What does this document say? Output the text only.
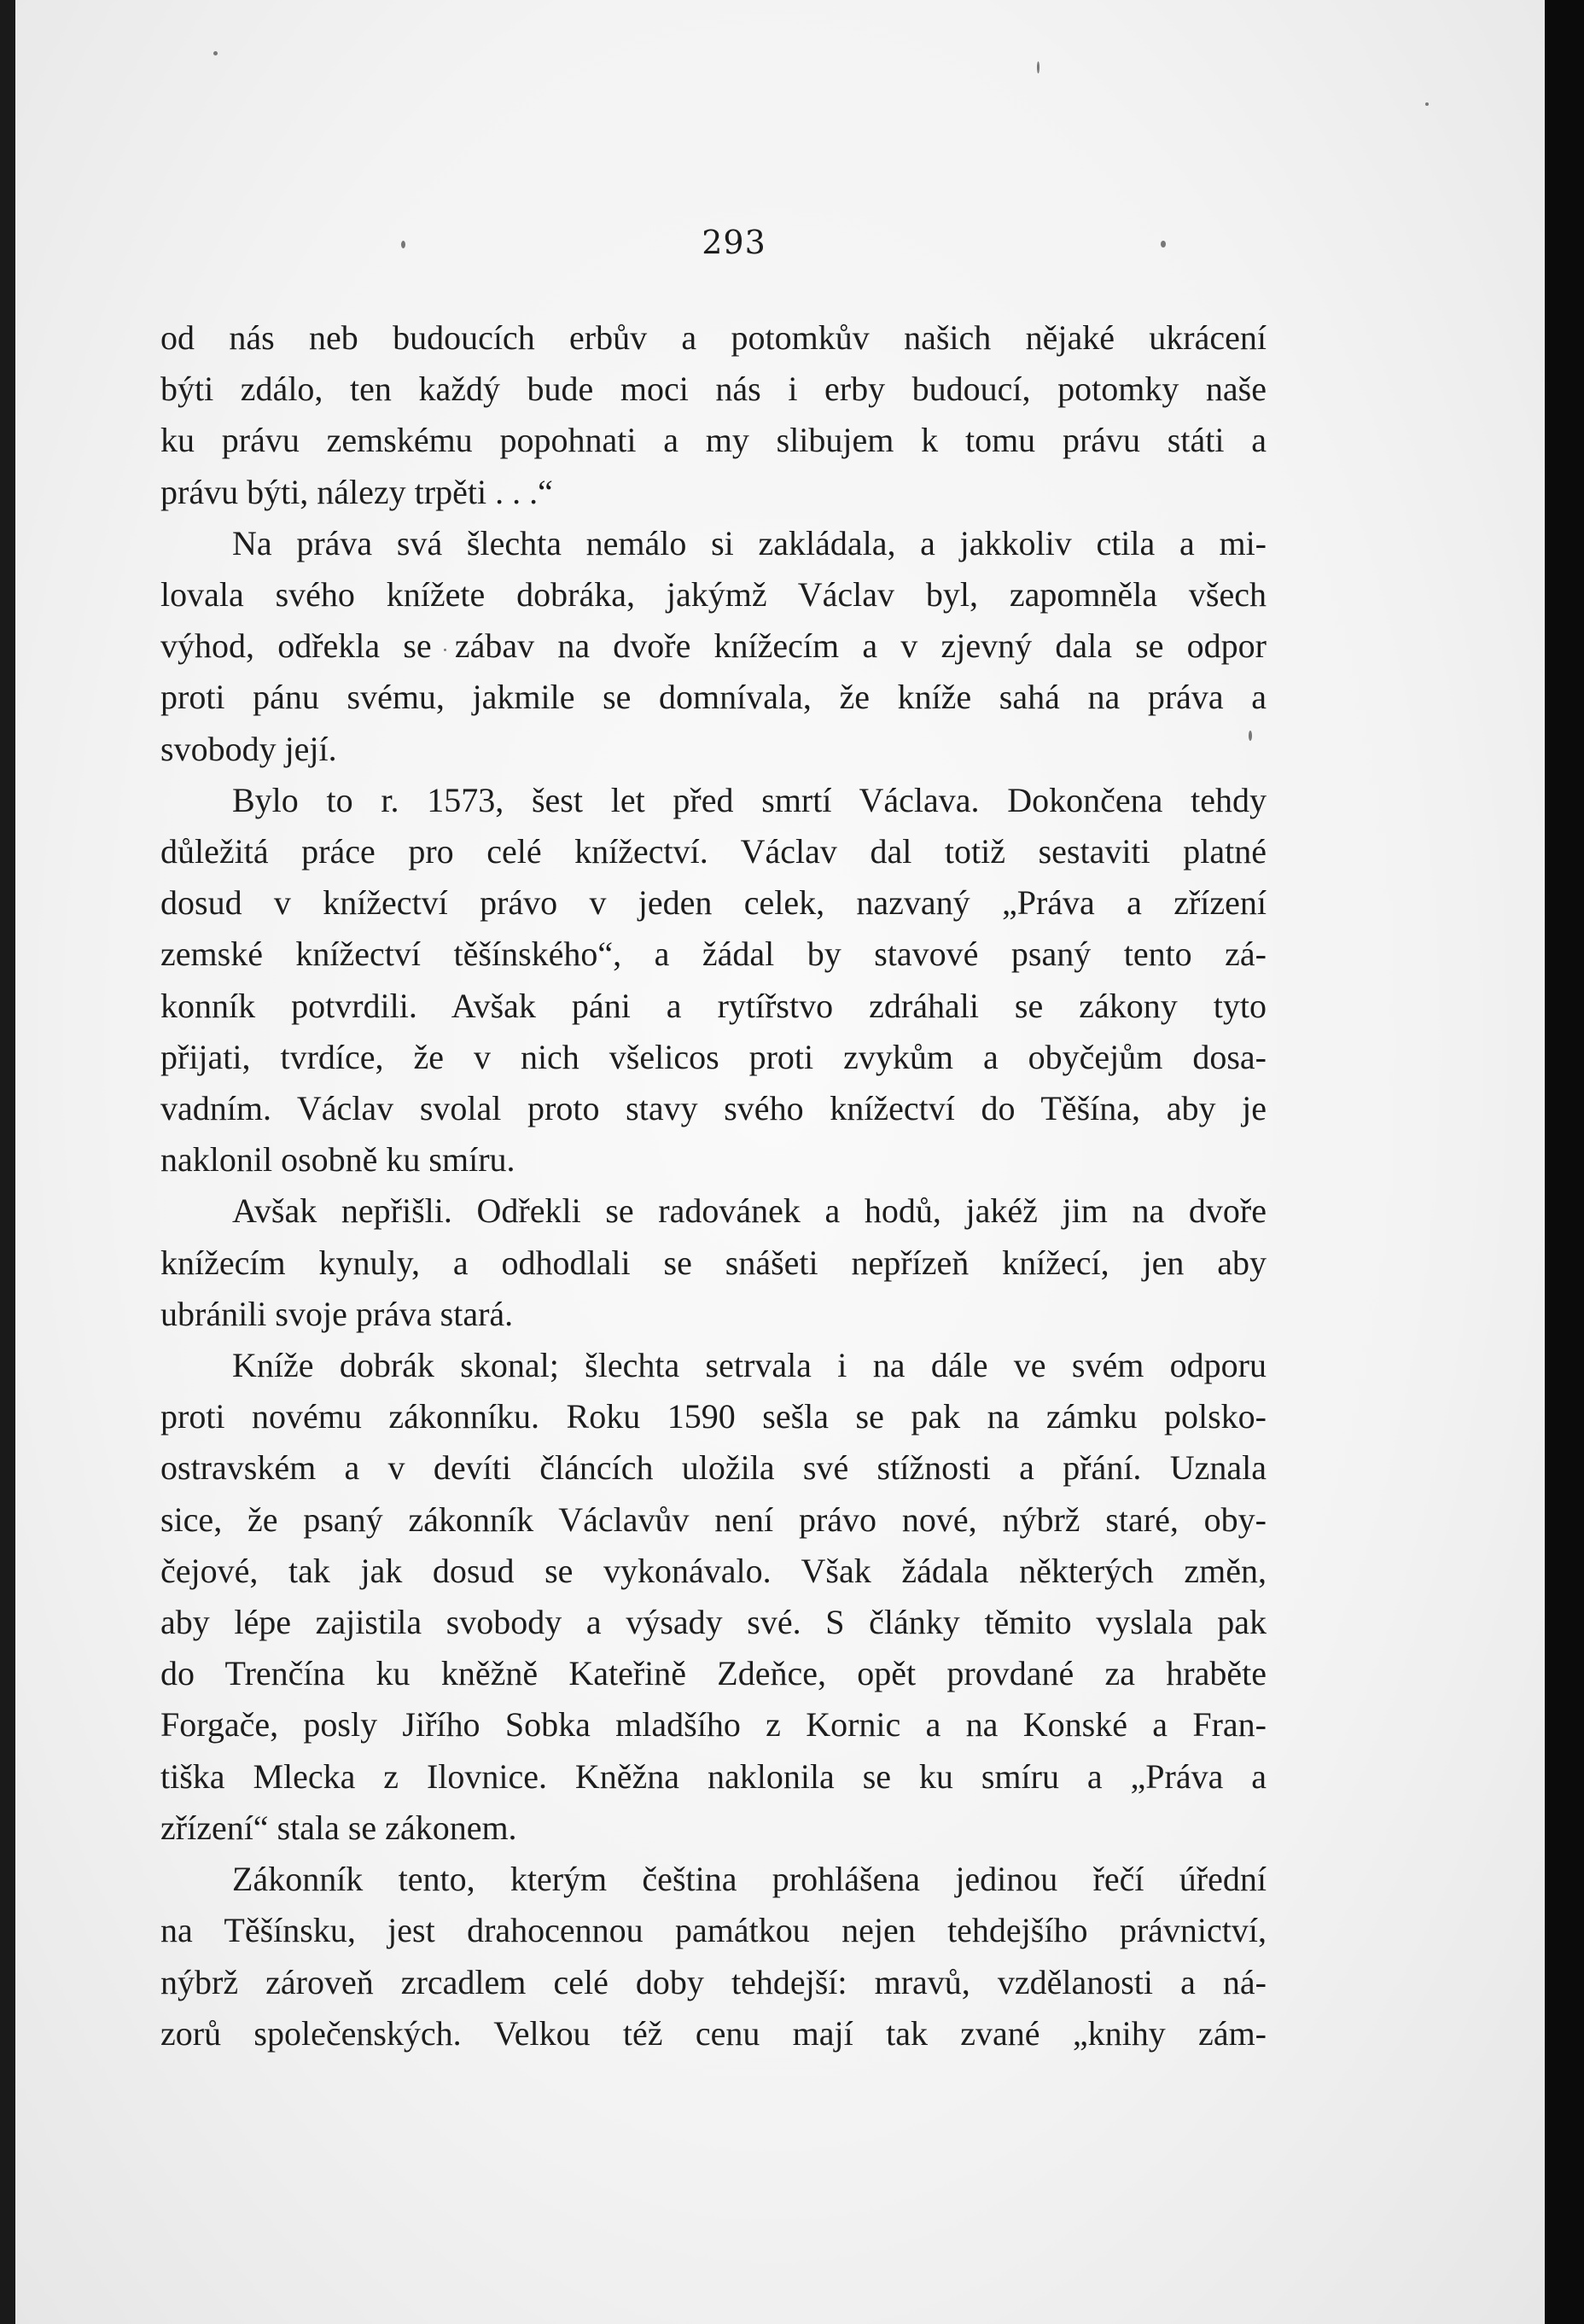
293
od nás neb budoucích erbův a potomkův našich nějaké ukrácení
býti zdálo, ten každý bude moci nás i erby budoucí, potomky naše
ku právu zemskému popohnati a my slibujem k tomu právu státi a
právu býti, nálezy trpěti . . .“
Na práva svá šlechta nemálo si zakládala, a jakkoliv ctila a mi-
lovala svého knížete dobráka, jakýmž Václav byl, zapomněla všech
výhod, odřekla se zábav na dvoře knížecím a v zjevný dala se odpor
proti pánu svému, jakmile se domnívala, že kníže sahá na práva a
svobody její.
Bylo to r. 1573, šest let před smrtí Václava. Dokončena tehdy
důležitá práce pro celé knížectví. Václav dal totiž sestaviti platné
dosud v knížectví právo v jeden celek, nazvaný „Práva a zřízení
zemské knížectví těšínského“, a žádal by stavové psaný tento zá-
konník potvrdili. Avšak páni a rytířstvo zdráhali se zákony tyto
přijati, tvrdíce, že v nich všelicos proti zvykům a obyčejům dosa-
vadním. Václav svolal proto stavy svého knížectví do Těšína, aby je
naklonil osobně ku smíru.
Avšak nepřišli. Odřekli se radovánek a hodů, jakéž jim na dvoře
knížecím kynuly, a odhodlali se snášeti nepřízeň knížecí, jen aby
ubránili svoje práva stará.
Kníže dobrák skonal; šlechta setrvala i na dále ve svém odporu
proti novému zákonníku. Roku 1590 sešla se pak na zámku polsko-
ostravském a v devíti článcích uložila své stížnosti a přání. Uznala
sice, že psaný zákonník Václavův není právo nové, nýbrž staré, oby-
čejové, tak jak dosud se vykonávalo. Však žádala některých změn,
aby lépe zajistila svobody a výsady své. S články těmito vyslala pak
do Trenčína ku kněžně Kateřině Zdeňce, opět provdané za hraběte
Forgače, posly Jiřího Sobka mladšího z Kornic a na Konské a Fran-
tiška Mlecka z Ilovnice. Kněžna naklonila se ku smíru a „Práva a
zřízení“ stala se zákonem.
Zákonník tento, kterým čeština prohlášena jedinou řečí úřední
na Těšínsku, jest drahocennou památkou nejen tehdejšího právnictví,
nýbrž zároveň zrcadlem celé doby tehdejší: mravů, vzdělanosti a ná-
zorů společenských. Velkou též cenu mají tak zvané „knihy zám-
